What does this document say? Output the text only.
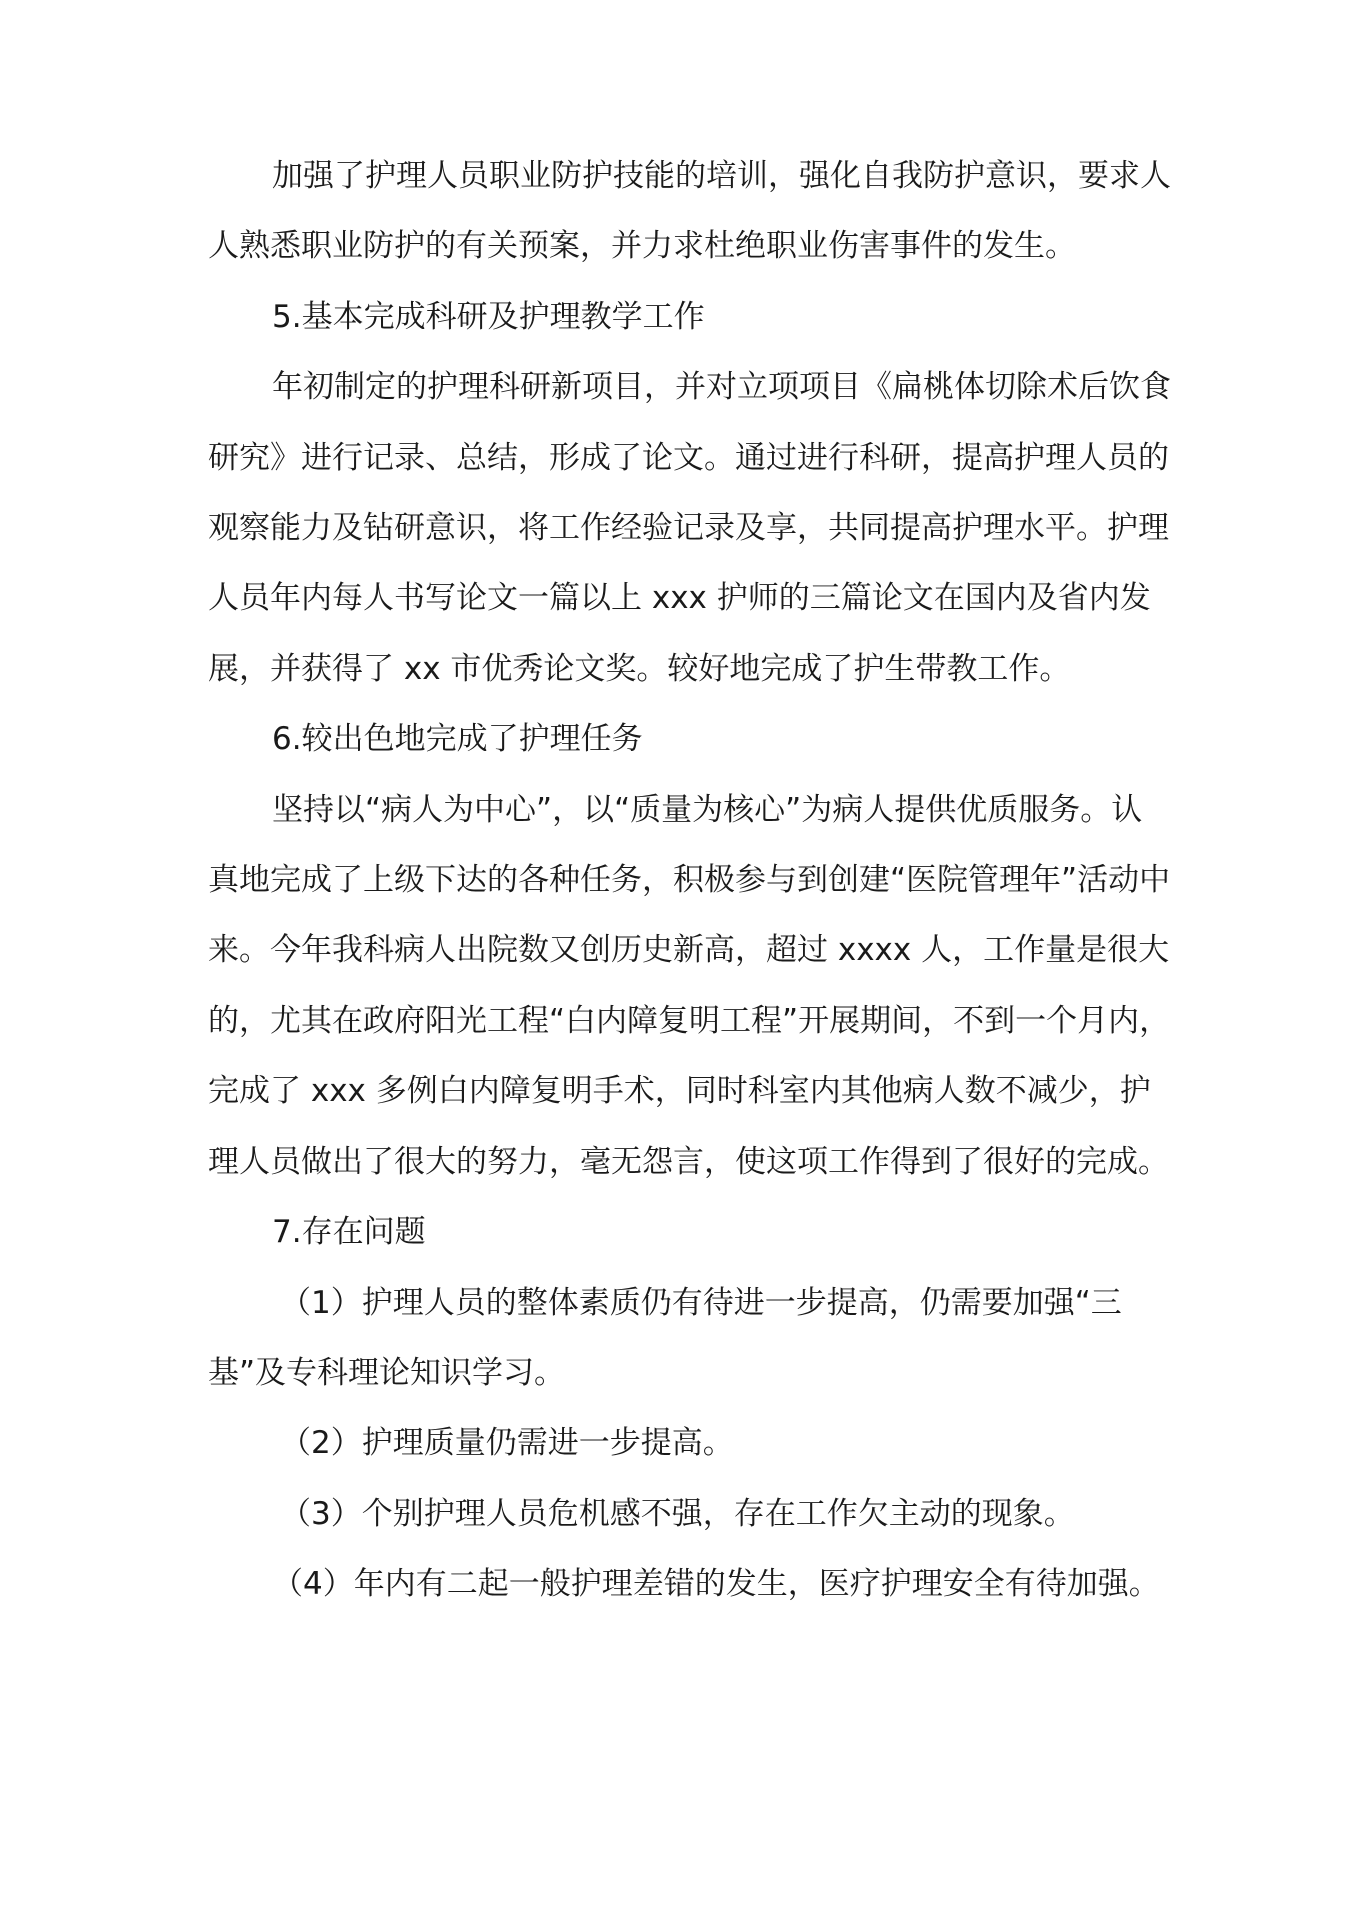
加强了护理人员职业防护技能的培训，强化自我防护意识，要求人人熟悉职业防护的有关预案，并力求杜绝职业伤害事件的发生。

5.基本完成科研及护理教学工作

年初制定的护理科研新项目，并对立项项目《扁桃体切除术后饮食研究》进行记录、总结，形成了论文。通过进行科研，提高护理人员的观察能力及钻研意识，将工作经验记录及享，共同提高护理水平。护理人员年内每人书写论文一篇以上 xxx 护师的三篇论文在国内及省内发展，并获得了 xx 市优秀论文奖。较好地完成了护生带教工作。

6.较出色地完成了护理任务

坚持以“病人为中心”，以“质量为核心”为病人提供优质服务。认真地完成了上级下达的各种任务，积极参与到创建“医院管理年”活动中来。今年我科病人出院数又创历史新高，超过 xxxx 人，工作量是很大的，尤其在政府阳光工程“白内障复明工程”开展期间，不到一个月内，完成了 xxx 多例白内障复明手术，同时科室内其他病人数不减少，护理人员做出了很大的努力，毫无怨言，使这项工作得到了很好的完成。

7.存在问题

（1）护理人员的整体素质仍有待进一步提高，仍需要加强“三基”及专科理论知识学习。

（2）护理质量仍需进一步提高。

（3）个别护理人员危机感不强，存在工作欠主动的现象。

（4）年内有二起一般护理差错的发生，医疗护理安全有待加强。
